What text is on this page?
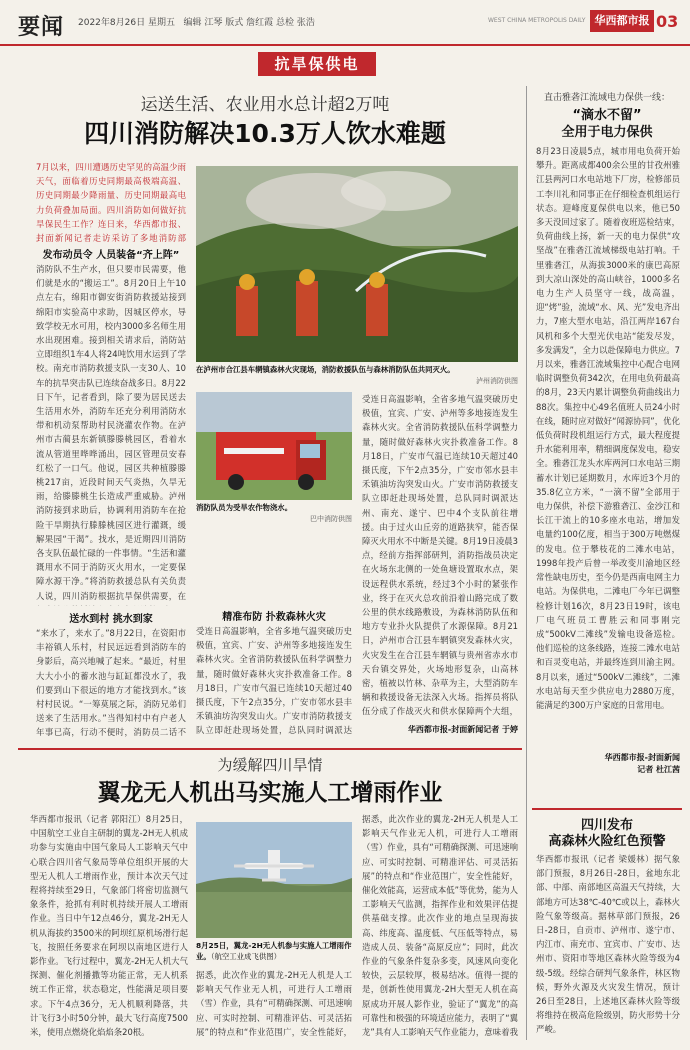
要闻 2022年8月26日 星期五 编辑 江琴 版式 詹红霞 总检 张浩	WEST CHINA METROPOLIS DAILY 华西都市报 03
抗旱保供电
运送生活、农业用水总计超2万吨
四川消防解决10.3万人饮水难题
7月以来，四川遭遇历史罕见的高温少雨天气，面临着历史同期最高极端高温、历史同期最少降雨量、历史同期最高电力负荷叠加局面。四川消防如何做好抗旱保民生工作？连日来，华西都市报、封面新闻记者走访采访了多地消防部
发布动员令 人员装备“齐上阵”
消防队不生产水，但只要市民需要，他们就是水的“搬运工”。8月20日上午10点左右，绵阳市御安街消防救援站接到绵阳市实验高中求助，因城区停水，导致学校无水可用，校内3000多名师生用水出现困难。接到相关请求后，消防站立即组织1车4人将24吨饮用水运到了学校。南充市消防救援支队一支30人、10车的抗旱突击队已连续奋战多日。8月22日下午，记者看到，除了要为居民送去生活用水外，消防车还充分利用消防水带和机动泵帮助村民浇灌农作物。在泸州市古蔺县东新镇滕滕桃园区，看着水流从管道里哗哗涌出，园区管理员安春红松了一口气。他说，园区共种植滕滕桃217亩，近段时间天气炎热，久旱无雨，给滕滕桃生长造成严重威胁。泸州消防接到求助后，协调利用消防车在抢险干旱期执行滕滕桃园区进行灌溉，缓解果园“干渴”。找水，是近期四川消防各支队伍最忙碌的一件事情。“生活和灌溉用水不同于消防灭火用水，一定要保障水源干净。”将消防救援总队有关负责人说，四川消防根据抗旱保供需要，在
送水到村 挑水到家
“来水了，来水了。”8月22日，在资阳市丰裕镇人乐村，村民远远看到消防车的身影后，高兴地喊了起来。“最近，村里大大小小的蓄水池与缸缸都没水了，我们要到山下很远的地方才能找到水。”该村村民说。“一筹莫展之际，消防兄弟们送来了生活用水。”当得知村中有户老人年事已高，行动不便时，消防员二话不
在泸州市合江县车辋镇森林火灾现场，消防救援队伍与森林消防队伍共同灭火。
泸州消防供图
消防队员为受旱农作物浇水。
巴中消防供图
精准布防 扑救森林火灾
受连日高温影响，全省多地气温突破历史极值，宜宾、广安、泸州等多地接连发生森林火灾。全省消防救援队伍科学调整力量，随时做好森林火灾扑救准备工作。8月18日，广安市气温已连续10天超过40摄氏度，下午2点35分，广安市邻水县丰禾镇油坊沟突发山火。广安市消防救援支队立即赶赴现场处置，总队同时调派达
受连日高温影响，全省多地气温突破历史极值，宜宾、广安、泸州等多地接连发生森林火灾。全省消防救援队伍科学调整力量，随时做好森林火灾扑救准备工作。8月18日，广安市气温已连续10天超过40摄氏度，下午2点35分，广安市邻水县丰禾镇油坊沟突发山火。广安市消防救援支队立即赶赴现场处置，总队同时调派达州、南充、遂宁、巴中4个支队前往增援。由于过火山丘旁的道路狭窄，能否保障灭火用水不中断是关键。8月19日凌晨3点，经前方指挥部研判，消防指战员决定在火场东北侧的一处鱼塘设置取水点，架设远程供水系统，经过3个小时的紧张作业，终于在灭火总攻前沿着山路完成了数公里的供水线路敷设，为森林消防队伍和地方专业扑火队提供了水源保障。8月21日，泸州市合江县车辋镇突发森林火灾，火灾发生在合江县车辋镇与贵州省赤水市天台镇交界处，火场地形复杂，山高林密，植被以竹林、杂草为主，大型消防车辆和救援设备无法深入火场。指挥员将队伍分成了作战灭火和供水保障两个大组，
华西都市报-封面新闻记者 于婷
直击雅砻江流域电力保供一线：
“滴水不留”
全用于电力保供
8月23日凌晨5点，城市用电负荷开始攀升。距离成都400余公里的甘孜州雅江县两河口水电站地下厂房，检修部员工李川礼和同事正在仔细检查机组运行状态。迎峰度夏保供电以来，他已50多天没回过家了。随着夜班巡检结束，负荷曲线上扬，新一天的电力保供“攻坚战”在雅砻江流域梯级电站打响。千里雅砻江，从海拔3000米的康巴高原到大凉山深处的高山峡谷，1000多名电力生产人员坚守一线，战高温，迎“烤”验，流域“水、风、光”发电齐出力，7座大型水电站，沿江两岸167台风机和多个大型光伏电站“能发尽发，多发满发”，全力以赴保障电力供应。7月以来，雅砻江流域集控中心配合电网临时调整负荷342次，在用电负荷最高的8月，23天内累计调整负荷曲线出力88次。集控中心49名值班人员24小时在线，随时应对做好“闻源协同”，优化低负荷时段机组运行方式，最大程度提升水能利用率，精细调度保发电，稳安全。雅砻江龙头水库两河口水电站三期蓄水计划已延期数月，水库近3个月的35.8亿立方米，“一滴不留”全部用于电力保供，补偿下游雅砻江、金沙江和长江干流上的10多座水电站，增加发电量约100亿度，相当于300万吨燃煤的发电。位于攀枝花的二滩水电站，1998年投产后曾一举改变川渝地区经常性缺电历史，至今仍是西南电网主力电站。为保供电，二滩电厂今年已调整检修计划16次，8月23日19时，该电厂电气班员工曹胜云和同事刚完成“500kV二滩线”发输电设备巡检。他们巡检的这条线路，连接二滩水电站和百灵变电站，并最终连到川渝主网。8月以来，通过“500kV二滩线”，二滩水电站每天至少供应电力2880万度，能满足约300万户家庭的日常用电。
华西都市报-封面新闻
记者 杜江茜
为缓解四川旱情
翼龙无人机出马实施人工增雨作业
华西都市报讯（记者 郭阳江）8月25日，中国航空工业自主研制的翼龙-2H无人机成功参与实施由中国气象局人工影响天气中心联合四川省气象局等单位组织开展的大型无人机人工增雨作业，预计本次天气过程将持续至29日，气象部门将密切监测气象条件，抢抓有利时机持续开展人工增雨作业。当日中午12点46分，翼龙-2H无人机从海拔约3500米的阿坝红原机场滑行起飞，按照任务要求在阿坝以南地区进行人影作业。飞行过程中，翼龙-2H无人机大气探测、催化剂播撒等功能正常，无人机系统工作正常，状态稳定，性能满足项目要求。下午4点36分，无人机顺利降落，共计飞行3小时50分钟，最大飞行高度7500米，使用点燃烧化焰焰条20根。
8月25日，翼龙-2H无人机参与实施人工增雨作业。（航空工业成飞供图）
据悉，此次作业的翼龙-2H无人机是人工影响天气作业无人机，可进行人工增雨（雪）作业，具有“可精确探测、可迅速响应、可实时控制、可精准评估、可灵活拓展”的特点和“作业范围广，安全性能好，
据悉，此次作业的翼龙-2H无人机是人工影响天气作业无人机，可进行人工增雨（雪）作业，具有“可精确探测、可迅速响应、可实时控制、可精准评估、可灵活拓展”的特点和“作业范围广，安全性能好，催化效能高，运营成本低”等优势，能为人工影响天气监测，指挥作业和效果评估提供基础支撑。此次作业的地点呈现海拔高、纬度高、温度低、气压低等特点，易造成人员、装备“高原反应”；同时，此次作业的气象条件复杂多变，风速风向变化较快，云层较厚，极易结冰。值得一提的是，创新性使用翼龙-2H大型无人机在高原成功开展人影作业，验证了“翼龙”的高可靠性和极强的环境适应能力，表明了“翼龙”具有人工影响天气作业能力，意味着我
四川发布
高森林火险红色预警
华西都市报讯（记者 梁媛林）据气象部门预报，8月26日-28日，盆地东北部、中部、南部地区高温天气持续，大部地方可达38℃-40℃或以上，森林火险气象等级高。据林草部门预报，26日-28日，自贡市、泸州市、遂宁市、内江市、南充市、宜宾市、广安市、达州市、资阳市等地区森林火险等级为4级-5级。经综合研判气象条件，林区物候，野外火源及火灾发生情况，预计26日至28日，上述地区森林火险等级将维持在极高危险级别，防火形势十分严峻。
